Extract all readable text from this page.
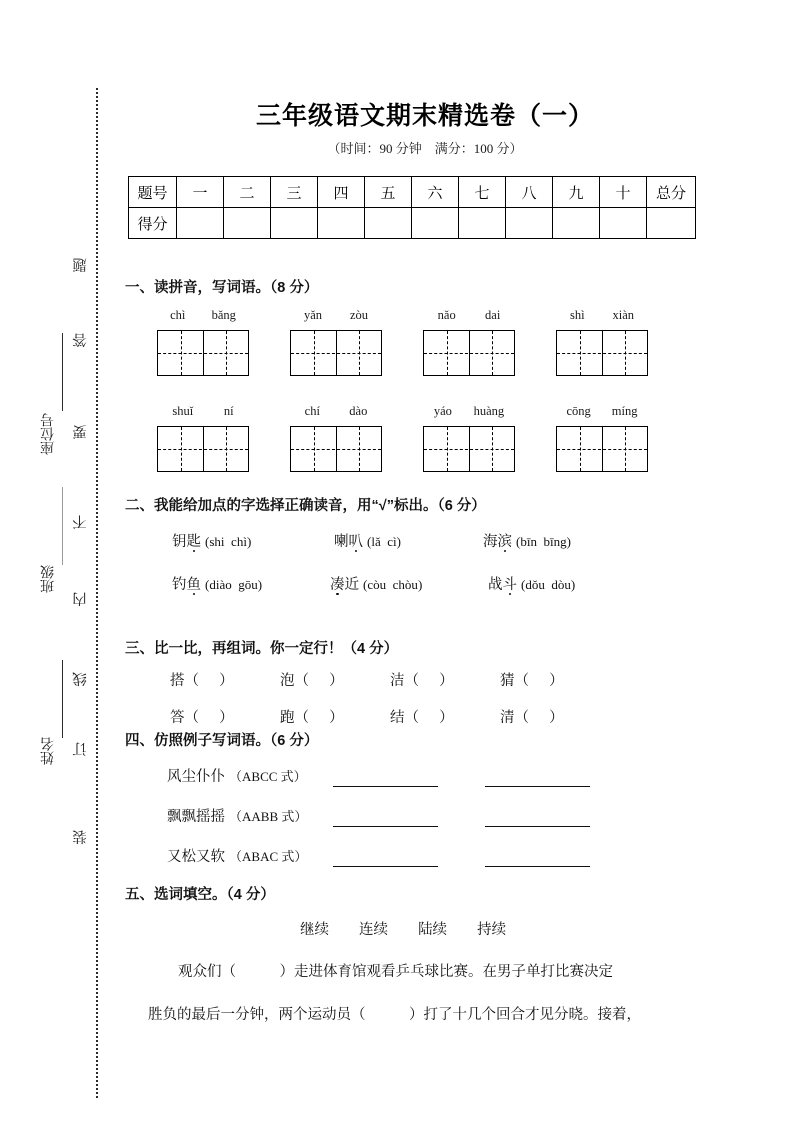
题
答
要
不
内
线
订
装
座位号
班级
姓名
三年级语文期末精选卷（一）
（时间：90 分钟　满分：100 分）
题号	一	二	三	四	五	六	七	八	九	十	总分
得分											
一、读拼音，写词语。（8 分）
chì bǎng	yǎn zòu	nǎo dai	shì xiàn
shuǐ ní	chí dào	yáo huàng	cōng míng
二、我能给加点的字选择正确读音，用“√”标出。（6 分）
钥匙 (shi chì)	喇叭 (lǎ cì)	海滨 (bīn bīng)
钓鱼 (diào gōu)	凑近 (còu chòu)	战斗 (dǒu dòu)
三、比一比，再组词。你一定行！（4 分）
搭（ ）	泡（ ）	洁（ ）	猜（ ）
答（ ）	跑（ ）	结（ ）	清（ ）
四、仿照例子写词语。（6 分）
风尘仆仆 （ABCC 式）
飘飘摇摇 （AABB 式）
又松又软 （ABAC 式）
五、选词填空。（4 分）
继续 连续 陆续 持续
观众们（　　　）走进体育馆观看乒乓球比赛。在男子单打比赛决定
胜负的最后一分钟，两个运动员（　　　）打了十几个回合才见分晓。接着，
